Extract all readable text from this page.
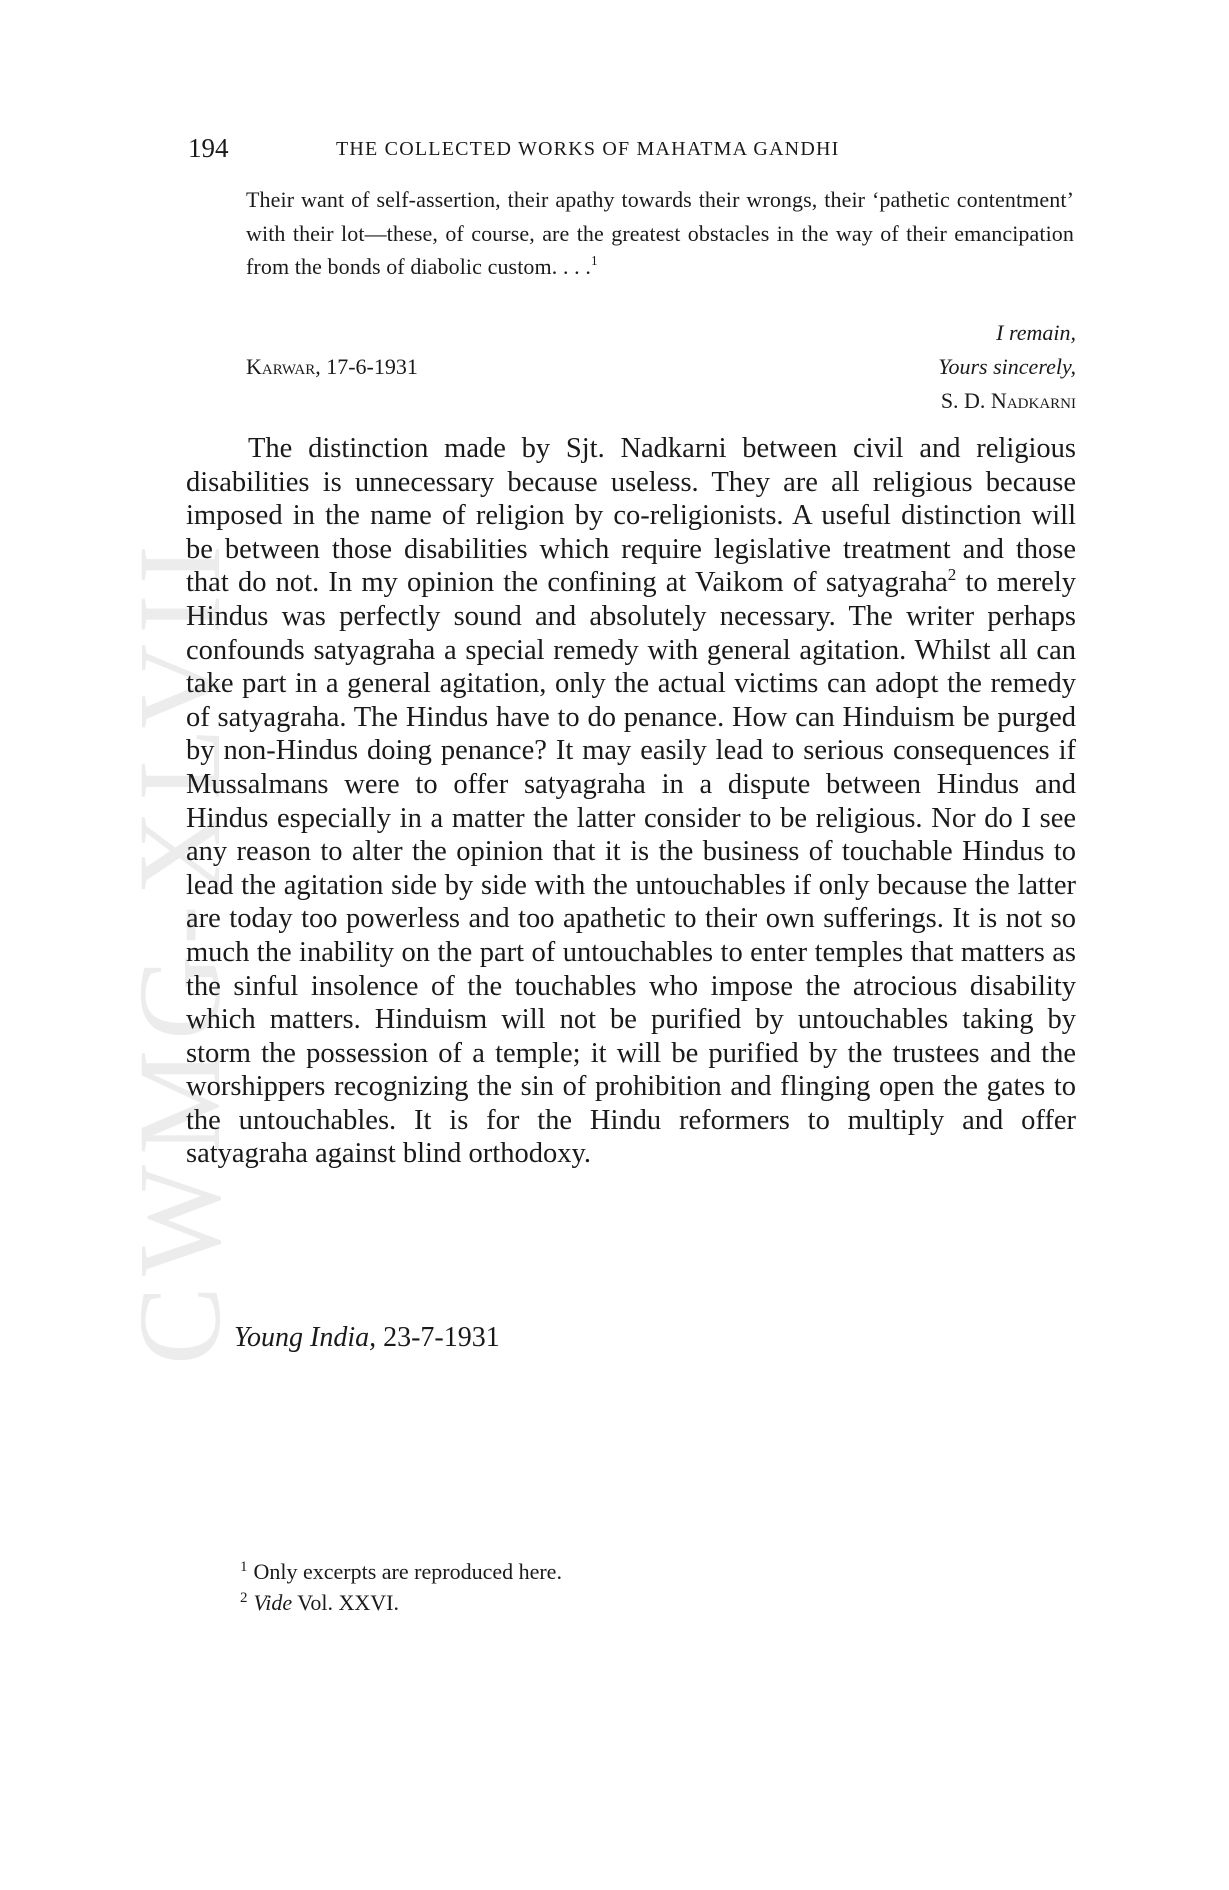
CWMG-XLVII
194	THE COLLECTED WORKS OF MAHATMA GANDHI

Their want of self-assertion, their apathy towards their wrongs, their ‘pathetic contentment’ with their lot—these, of course, are the greatest obstacles in the way of their emancipation from the bonds of diabolic custom. . . .$^1$

I remain,
Karwar, 17-6-1931	Yours sincerely,
S. D. Nadkarni

The distinction made by Sjt. Nadkarni between civil and religious disabilities is unnecessary because useless. They are all religious because imposed in the name of religion by co-religionists. A useful distinction will be between those disabilities which require legislative treatment and those that do not. In my opinion the confining at Vaikom of satyagraha$^2$ to merely Hindus was perfectly sound and absolutely necessary. The writer perhaps confounds satyagraha a special remedy with general agitation. Whilst all can take part in a general agitation, only the actual victims can adopt the remedy of satyagraha. The Hindus have to do penance. How can Hinduism be purged by non-Hindus doing penance? It may easily lead to serious consequences if Mussalmans were to offer satyagraha in a dispute between Hindus and Hindus especially in a matter the latter consider to be religious. Nor do I see any reason to alter the opinion that it is the business of touchable Hindus to lead the agitation side by side with the untouchables if only because the latter are today too powerless and too apathetic to their own sufferings. It is not so much the inability on the part of untouchables to enter temples that matters as the sinful insolence of the touchables who impose the atrocious disability which matters. Hinduism will not be purified by untouchables taking by storm the possession of a temple; it will be purified by the trustees and the worshippers recognizing the sin of prohibition and flinging open the gates to the untouchables. It is for the Hindu reformers to multiply and offer satyagraha against blind orthodoxy.

Young India, 23-7-1931
$^1$ Only excerpts are reproduced here.
$^2$ Vide Vol. XXVI.
